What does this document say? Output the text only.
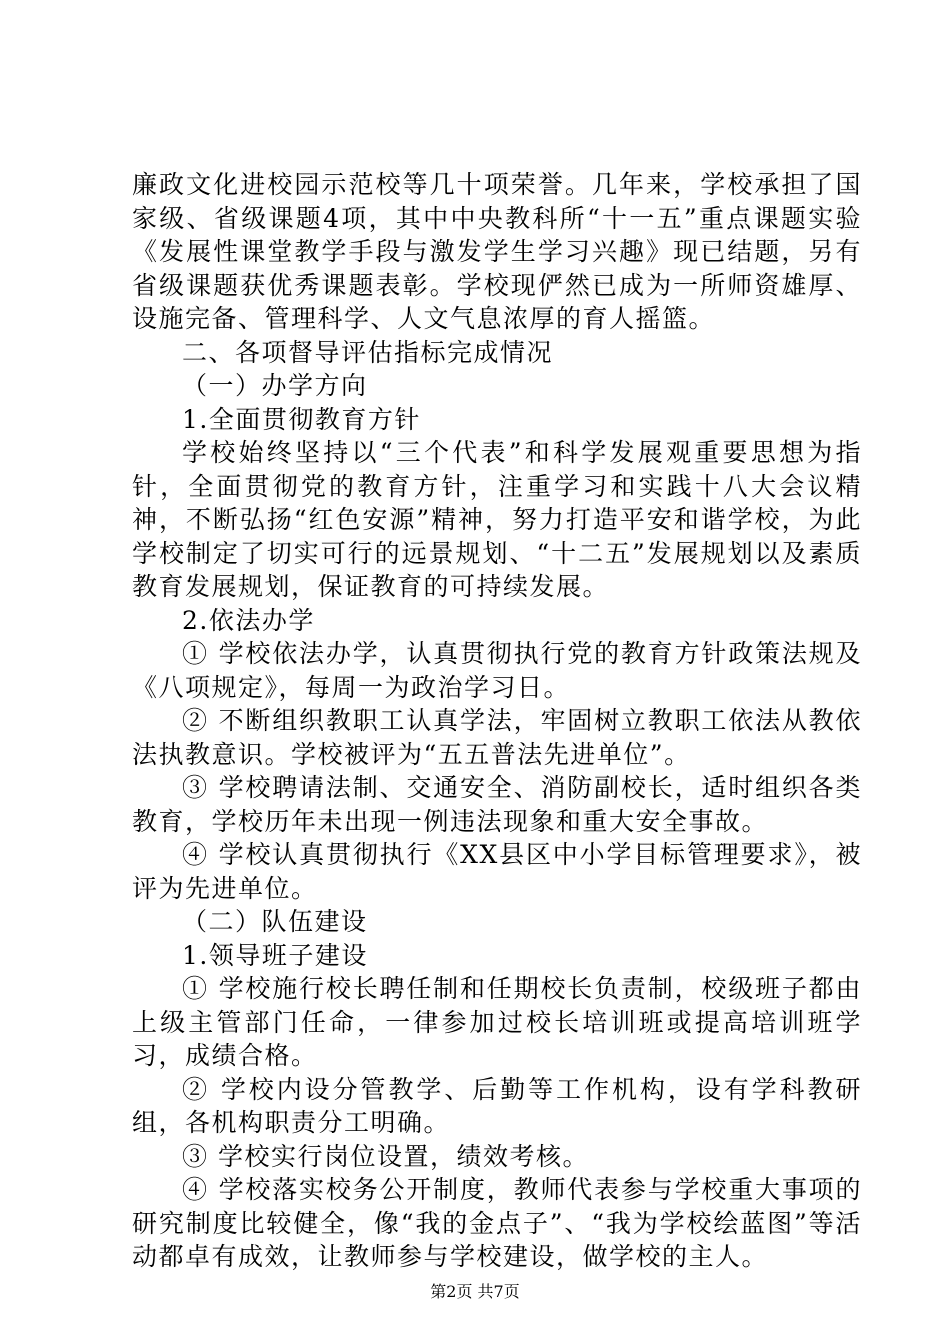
廉政文化进校园示范校等几十项荣誉。几年来，学校承担了国家级、省级课题4项，其中中央教科所“十一五”重点课题实验《发展性课堂教学手段与激发学生学习兴趣》现已结题，另有省级课题获优秀课题表彰。学校现俨然已成为一所师资雄厚、设施完备、管理科学、人文气息浓厚的育人摇篮。

二、各项督导评估指标完成情况

（一）办学方向

1.全面贯彻教育方针

学校始终坚持以“三个代表”和科学发展观重要思想为指针，全面贯彻党的教育方针，注重学习和实践十八大会议精神，不断弘扬“红色安源”精神，努力打造平安和谐学校，为此学校制定了切实可行的远景规划、“十二五”发展规划以及素质教育发展规划，保证教育的可持续发展。

2.依法办学

① 学校依法办学，认真贯彻执行党的教育方针政策法规及《八项规定》，每周一为政治学习日。

② 不断组织教职工认真学法，牢固树立教职工依法从教依法执教意识。学校被评为“五五普法先进单位”。

③ 学校聘请法制、交通安全、消防副校长，适时组织各类教育，学校历年未出现一例违法现象和重大安全事故。

④ 学校认真贯彻执行《XX县区中小学目标管理要求》，被评为先进单位。

（二）队伍建设

1.领导班子建设

① 学校施行校长聘任制和任期校长负责制，校级班子都由上级主管部门任命，一律参加过校长培训班或提高培训班学习，成绩合格。

② 学校内设分管教学、后勤等工作机构，设有学科教研组，各机构职责分工明确。

③ 学校实行岗位设置，绩效考核。

④ 学校落实校务公开制度，教师代表参与学校重大事项的研究制度比较健全，像“我的金点子”、“我为学校绘蓝图”等活动都卓有成效，让教师参与学校建设，做学校的主人。

第2页 共7页
